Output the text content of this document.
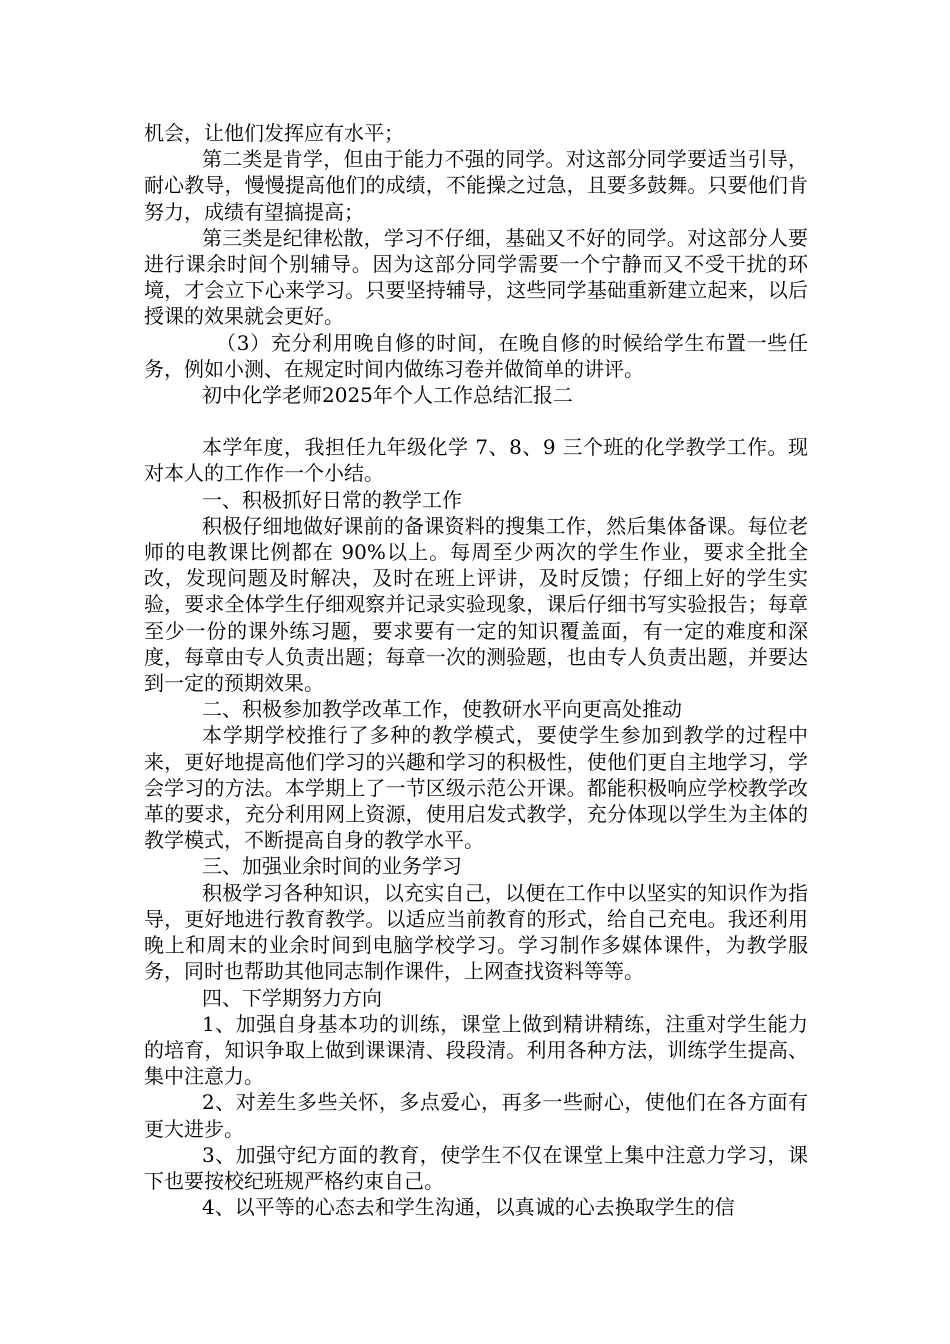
机会，让他们发挥应有水平；

第二类是肯学，但由于能力不强的同学。对这部分同学要适当引导，耐心教导，慢慢提高他们的成绩，不能操之过急，且要多鼓舞。只要他们肯努力，成绩有望搞提高；

第三类是纪律松散，学习不仔细，基础又不好的同学。对这部分人要进行课余时间个别辅导。因为这部分同学需要一个宁静而又不受干扰的环境，才会立下心来学习。只要坚持辅导，这些同学基础重新建立起来，以后授课的效果就会更好。

（3）充分利用晚自修的时间，在晚自修的时候给学生布置一些任务，例如小测、在规定时间内做练习卷并做简单的讲评。

初中化学老师2025年个人工作总结汇报二

本学年度，我担任九年级化学 7、8、9 三个班的化学教学工作。现对本人的工作作一个小结。

一、积极抓好日常的教学工作

积极仔细地做好课前的备课资料的搜集工作，然后集体备课。每位老师的电教课比例都在 90%以上。每周至少两次的学生作业，要求全批全改，发现问题及时解决，及时在班上评讲，及时反馈；仔细上好的学生实验，要求全体学生仔细观察并记录实验现象，课后仔细书写实验报告；每章至少一份的课外练习题，要求要有一定的知识覆盖面，有一定的难度和深度，每章由专人负责出题；每章一次的测验题，也由专人负责出题，并要达到一定的预期效果。

二、积极参加教学改革工作，使教研水平向更高处推动

本学期学校推行了多种的教学模式，要使学生参加到教学的过程中来，更好地提高他们学习的兴趣和学习的积极性，使他们更自主地学习，学会学习的方法。本学期上了一节区级示范公开课。都能积极响应学校教学改革的要求，充分利用网上资源，使用启发式教学，充分体现以学生为主体的教学模式，不断提高自身的教学水平。

三、加强业余时间的业务学习

积极学习各种知识，以充实自己，以便在工作中以坚实的知识作为指导，更好地进行教育教学。以适应当前教育的形式，给自己充电。我还利用晚上和周末的业余时间到电脑学校学习。学习制作多媒体课件，为教学服务，同时也帮助其他同志制作课件，上网查找资料等等。

四、下学期努力方向

1、加强自身基本功的训练，课堂上做到精讲精练，注重对学生能力的培育，知识争取上做到课课清、段段清。利用各种方法，训练学生提高、集中注意力。

2、对差生多些关怀，多点爱心，再多一些耐心，使他们在各方面有更大进步。

3、加强守纪方面的教育，使学生不仅在课堂上集中注意力学习，课下也要按校纪班规严格约束自己。

4、以平等的心态去和学生沟通，以真诚的心去换取学生的信
